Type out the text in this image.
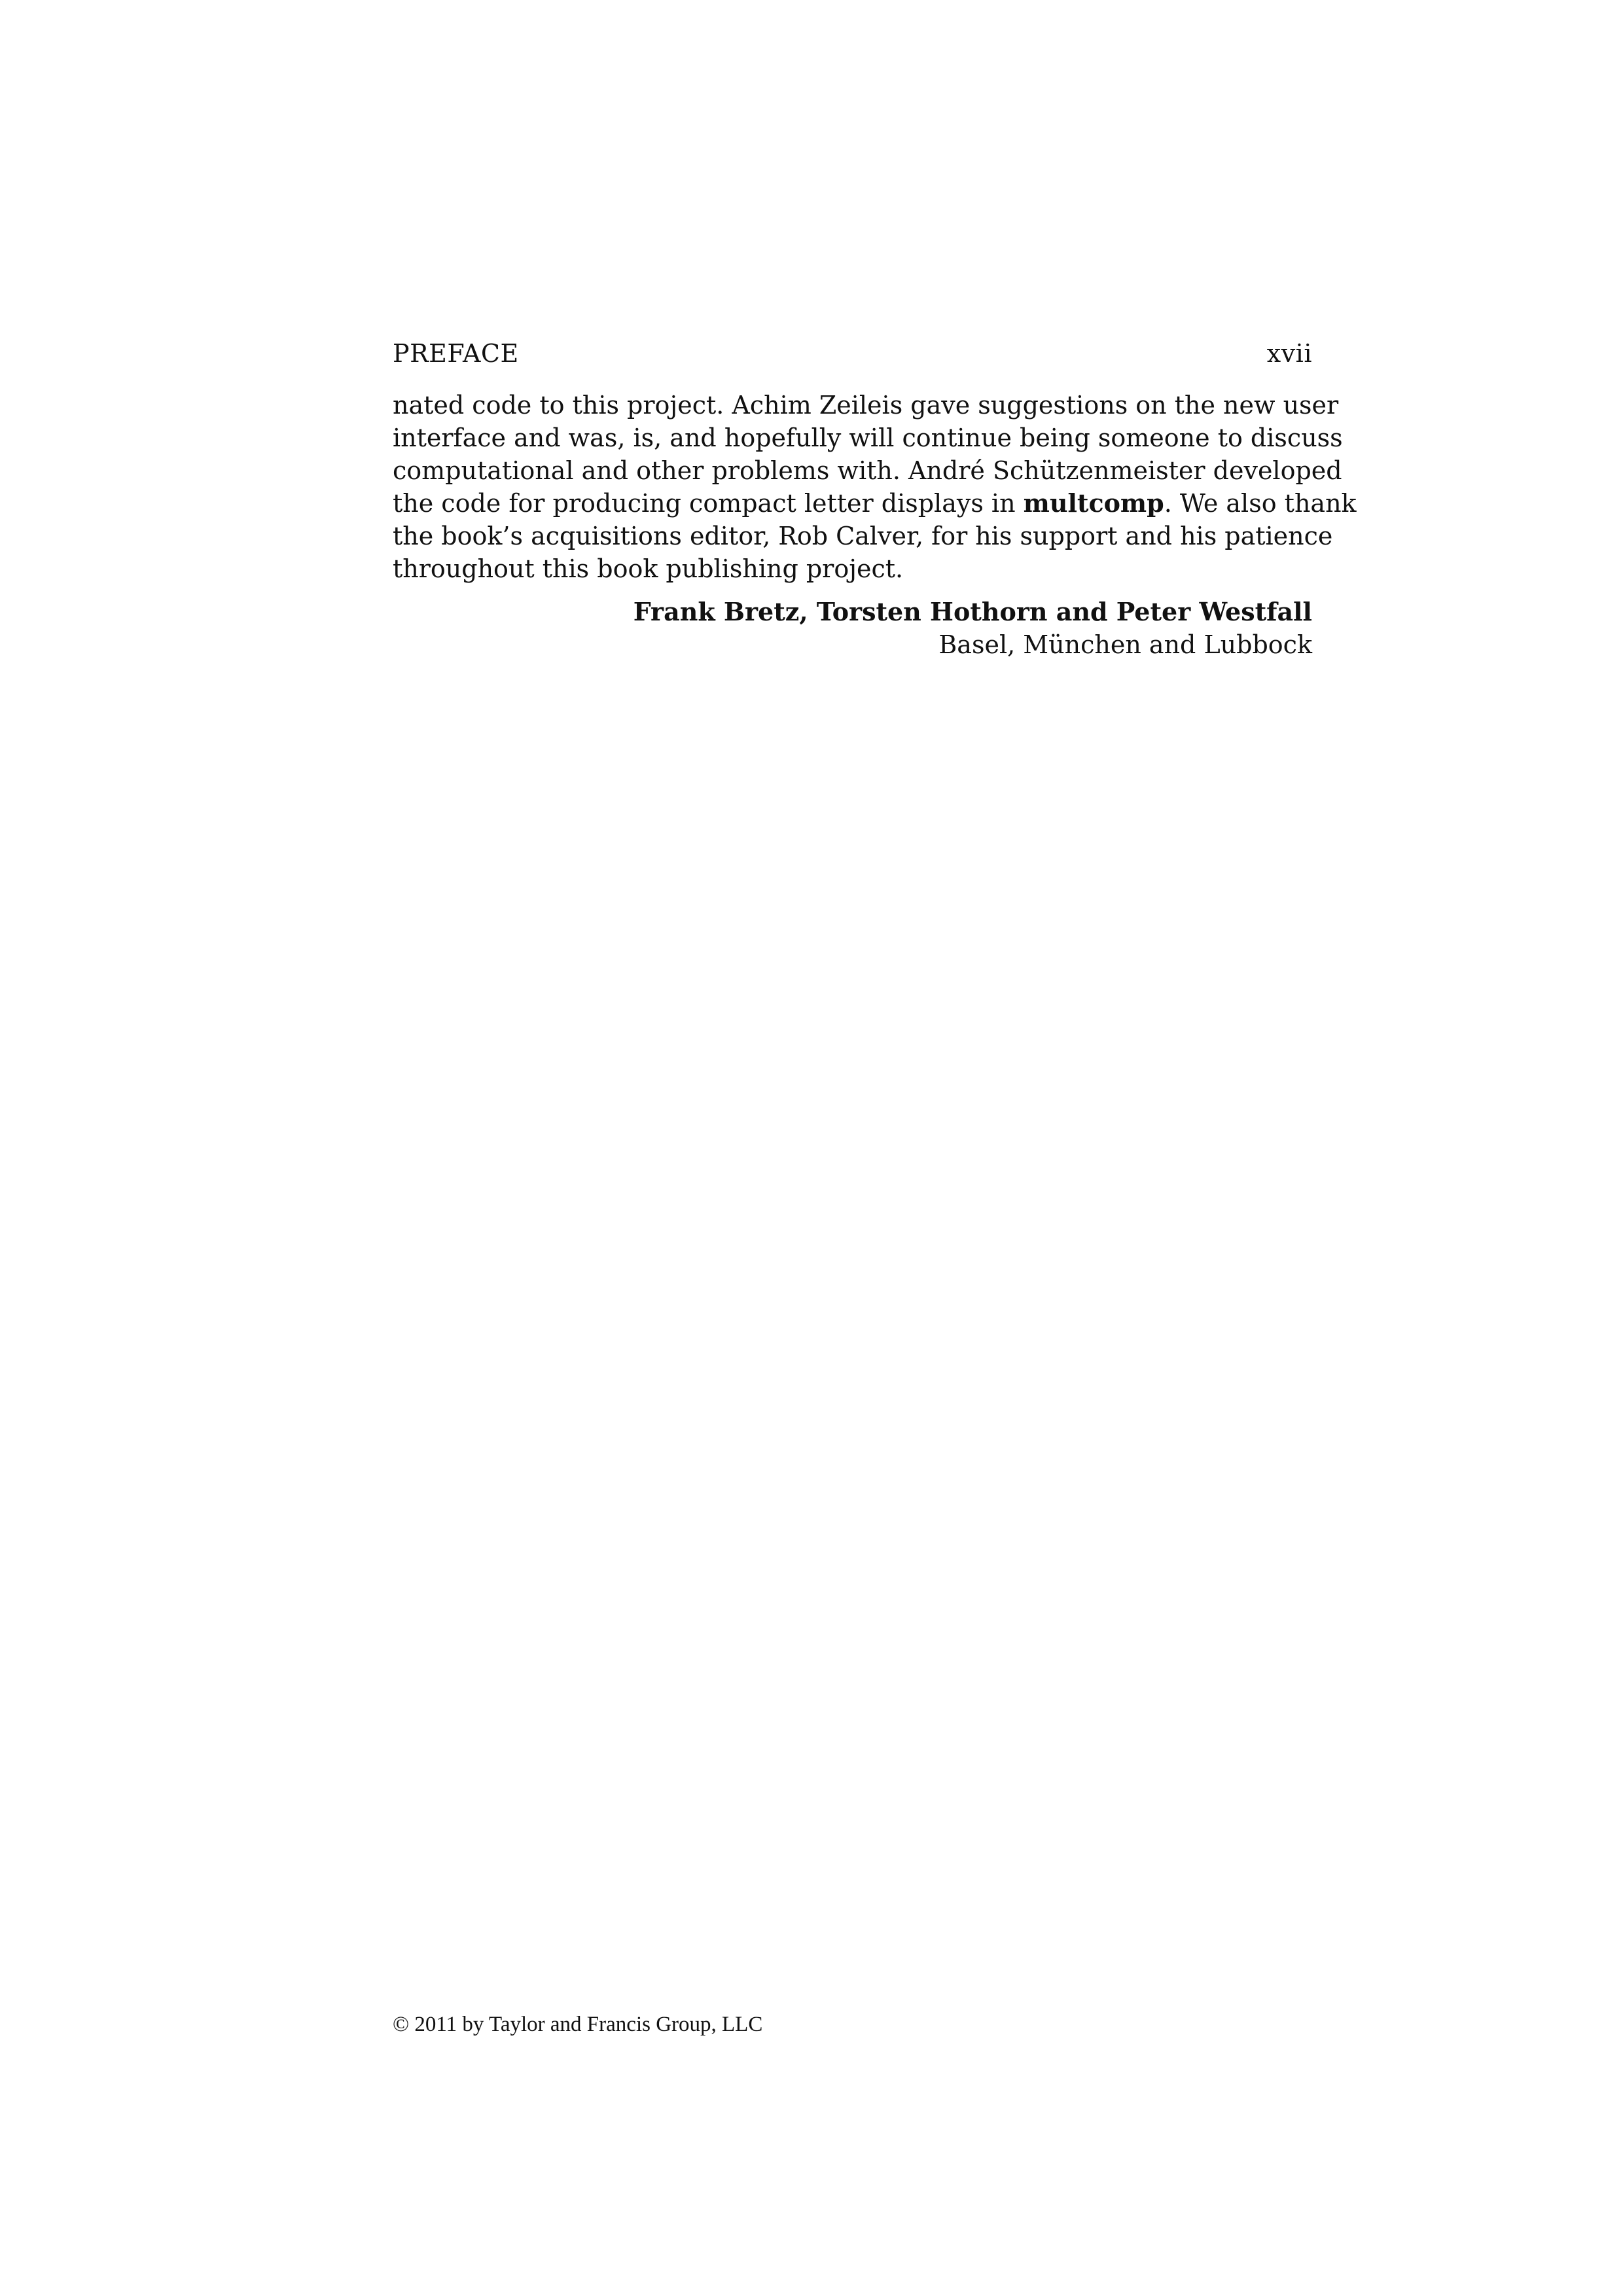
PREFACE	xvii
nated code to this project. Achim Zeileis gave suggestions on the new user
interface and was, is, and hopefully will continue being someone to discuss
computational and other problems with. André Schützenmeister developed
the code for producing compact letter displays in multcomp. We also thank
the book’s acquisitions editor, Rob Calver, for his support and his patience
throughout this book publishing project.
Frank Bretz, Torsten Hothorn and Peter Westfall
Basel, München and Lubbock
© 2011 by Taylor and Francis Group, LLC
